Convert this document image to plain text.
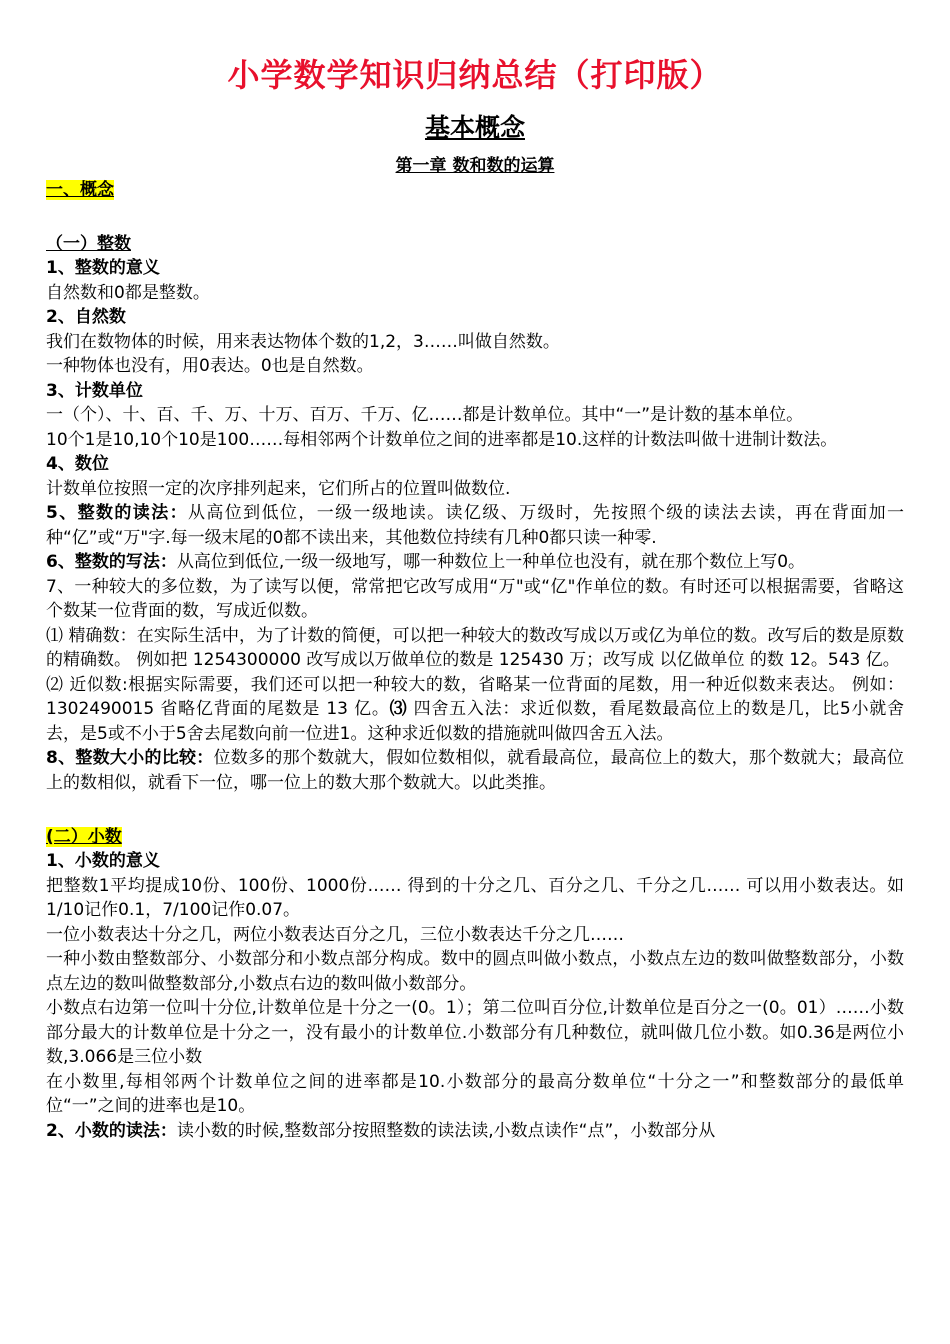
小学数学知识归纳总结（打印版）
基本概念
第一章 数和数的运算
一、概念
（一）整数
1、整数的意义

自然数和0都是整数。

2、自然数

我们在数物体的时候，用来表达物体个数的1,2，3……叫做自然数。

一种物体也没有，用0表达。0也是自然数。

3、计数单位

一（个）、十、百、千、万、十万、百万、千万、亿……都是计数单位。其中“一”是计数的基本单位。

10个1是10,10个10是100……每相邻两个计数单位之间的进率都是10.这样的计数法叫做十进制计数法。

4、数位

计数单位按照一定的次序排列起来，它们所占的位置叫做数位.

5、整数的读法：从高位到低位，一级一级地读。读亿级、万级时，先按照个级的读法去读，再在背面加一种“亿”或“万"字.每一级末尾的0都不读出来，其他数位持续有几种0都只读一种零.

6、整数的写法：从高位到低位,一级一级地写，哪一种数位上一种单位也没有，就在那个数位上写0。

7、一种较大的多位数，为了读写以便，常常把它改写成用“万"或“亿"作单位的数。有时还可以根据需要，省略这个数某一位背面的数，写成近似数。

⑴ 精确数：在实际生活中，为了计数的简便，可以把一种较大的数改写成以万或亿为单位的数。改写后的数是原数的精确数。 例如把 1254300000 改写成以万做单位的数是 125430 万；改写成 以亿做单位 的数 12。543 亿。

⑵ 近似数:根据实际需要，我们还可以把一种较大的数，省略某一位背面的尾数，用一种近似数来表达。 例如：1302490015 省略亿背面的尾数是 13 亿。⑶ 四舍五入法：求近似数，看尾数最高位上的数是几，比5小就舍去，是5或不小于5舍去尾数向前一位进1。这种求近似数的措施就叫做四舍五入法。

8、整数大小的比较：位数多的那个数就大，假如位数相似，就看最高位，最高位上的数大，那个数就大；最高位上的数相似，就看下一位，哪一位上的数大那个数就大。以此类推。

(二）小数
1、小数的意义

把整数1平均提成10份、100份、1000份…… 得到的十分之几、百分之几、千分之几…… 可以用小数表达。如1/10记作0.1，7/100记作0.07。

一位小数表达十分之几，两位小数表达百分之几，三位小数表达千分之几……

一种小数由整数部分、小数部分和小数点部分构成。数中的圆点叫做小数点，小数点左边的数叫做整数部分，小数点左边的数叫做整数部分,小数点右边的数叫做小数部分。

小数点右边第一位叫十分位,计数单位是十分之一(0。1）；第二位叫百分位,计数单位是百分之一(0。01）……小数部分最大的计数单位是十分之一，没有最小的计数单位.小数部分有几种数位，就叫做几位小数。如0.36是两位小数,3.066是三位小数

在小数里,每相邻两个计数单位之间的进率都是10.小数部分的最高分数单位“十分之一”和整数部分的最低单位“一”之间的进率也是10。

2、小数的读法：读小数的时候,整数部分按照整数的读法读,小数点读作“点”，小数部分从
